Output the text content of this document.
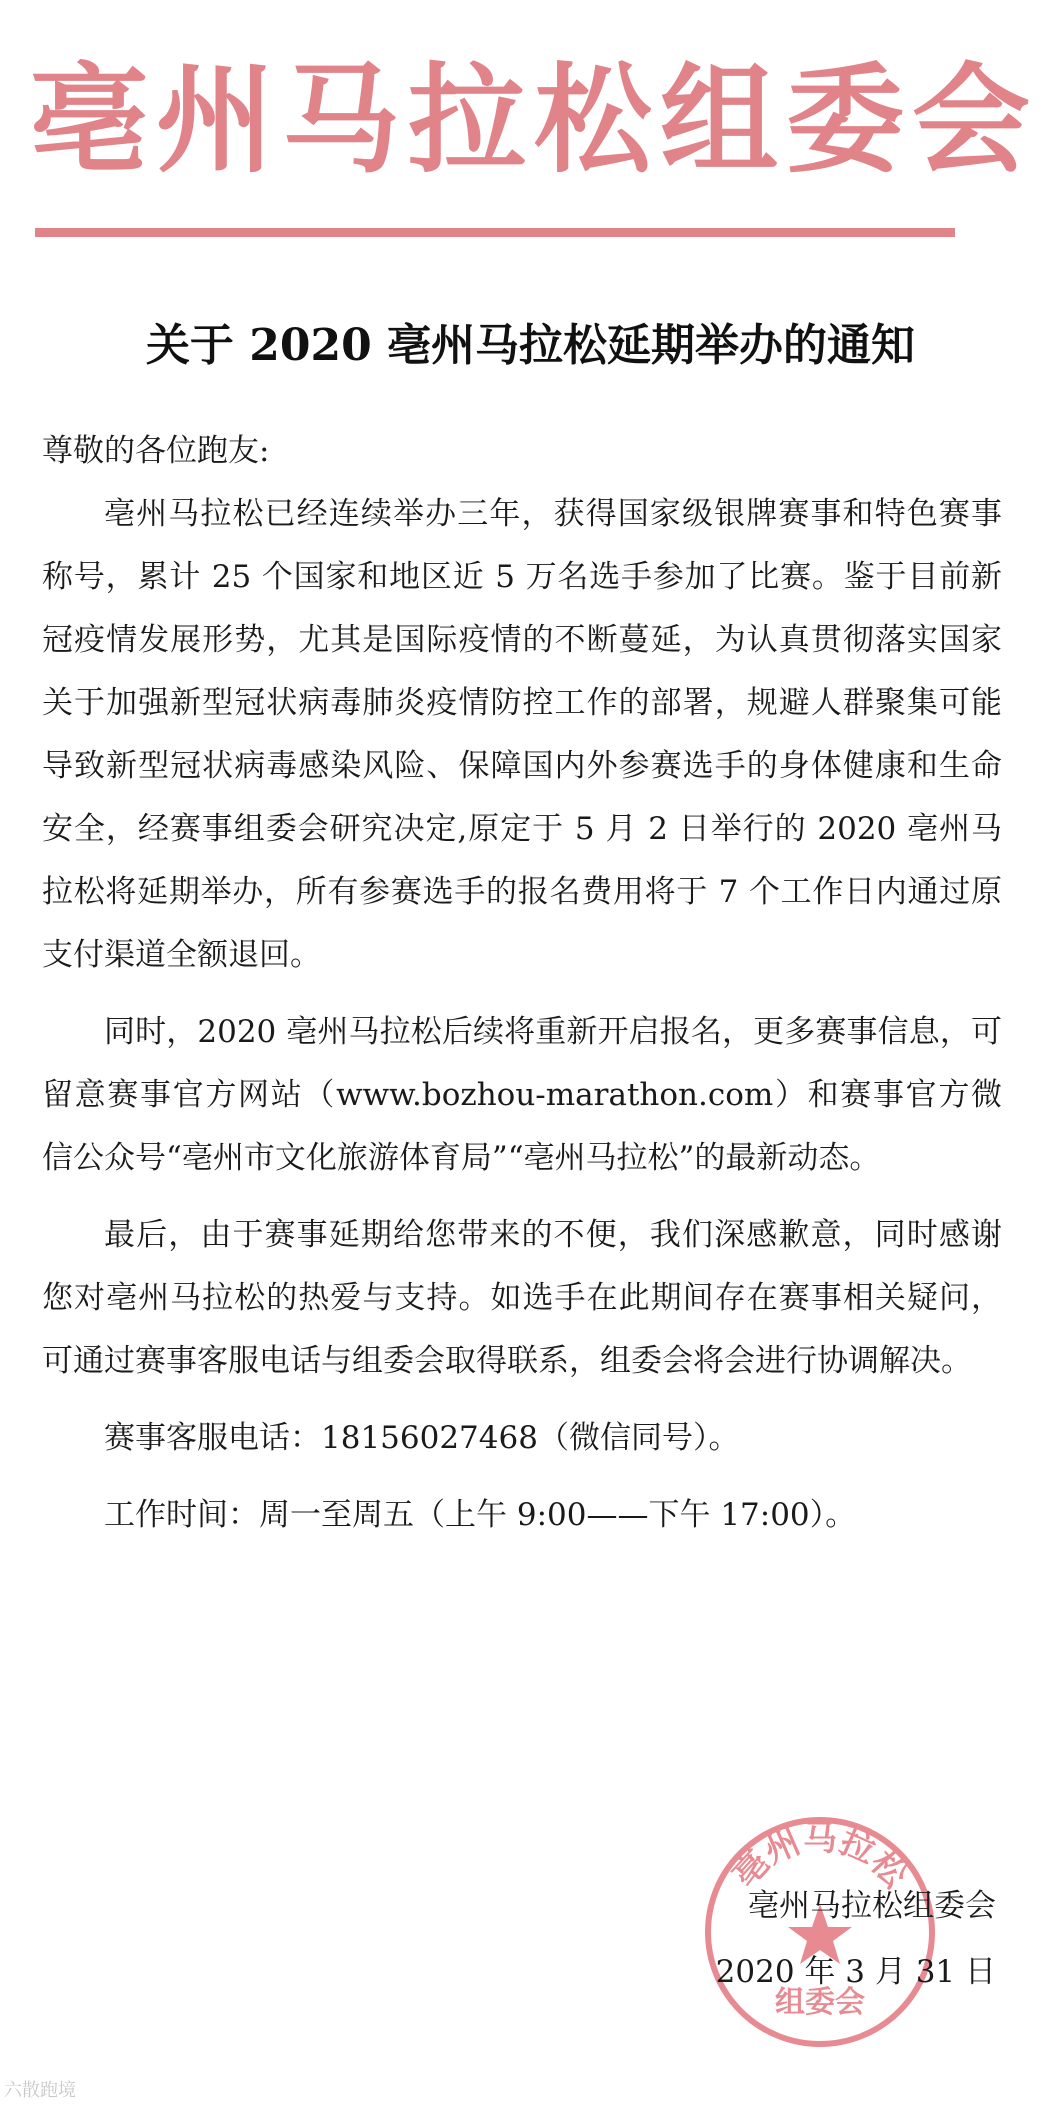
亳州马拉松组委会
关于 2020 亳州马拉松延期举办的通知

尊敬的各位跑友:

亳州马拉松已经连续举办三年，获得国家级银牌赛事和特色赛事称号，累计 25 个国家和地区近 5 万名选手参加了比赛。鉴于目前新冠疫情发展形势，尤其是国际疫情的不断蔓延，为认真贯彻落实国家关于加强新型冠状病毒肺炎疫情防控工作的部署，规避人群聚集可能导致新型冠状病毒感染风险、保障国内外参赛选手的身体健康和生命安全，经赛事组委会研究决定,原定于 5 月 2 日举行的 2020 亳州马拉松将延期举办，所有参赛选手的报名费用将于 7 个工作日内通过原支付渠道全额退回。

同时，2020 亳州马拉松后续将重新开启报名，更多赛事信息，可留意赛事官方网站（www.bozhou-marathon.com）和赛事官方微信公众号“亳州市文化旅游体育局”“亳州马拉松”的最新动态。

最后，由于赛事延期给您带来的不便，我们深感歉意，同时感谢您对亳州马拉松的热爱与支持。如选手在此期间存在赛事相关疑问，可通过赛事客服电话与组委会取得联系，组委会将会进行协调解决。

赛事客服电话：18156027468（微信同号）。

工作时间：周一至周五（上午 9:00——下午 17:00）。

亳州马拉松
组委会
亳州马拉松组委会
2020 年 3 月 31 日
六散跑境
